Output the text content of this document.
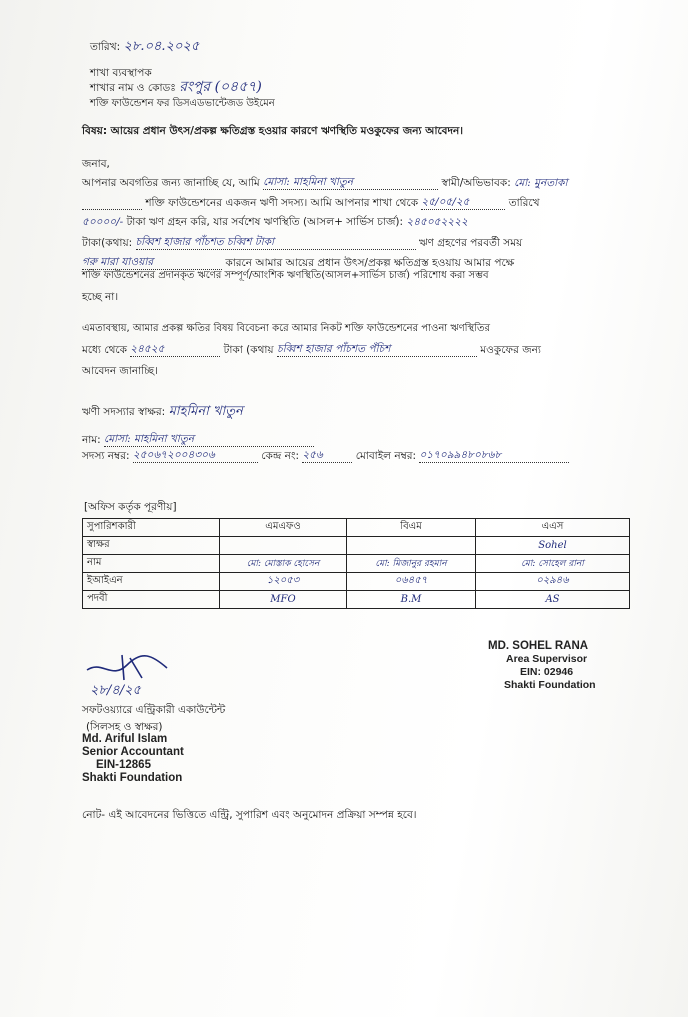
তারিখ: ২৮.০৪.২০২৫
শাখা ব্যবস্থাপক
শাখার নাম ও কোডঃ রংপুর (০৪৫৭)
শক্তি ফাউন্ডেশন ফর ডিসএডভান্টেজড উইমেন
বিষয়: আয়ের প্রধান উৎস/প্রকল্প ক্ষতিগ্রস্ত হওয়ার কারণে ঋণস্থিতি মওকুফের জন্য আবেদন।
জনাব,
আপনার অবগতির জন্য জানাচ্ছি যে, আমি মোসা: মাহমিনা খাতুন	স্বামী/অভিভাবক: মো: মুনতাকা
শক্তি ফাউন্ডেশনের একজন ঋণী সদস্য। আমি আপনার শাখা থেকে ২৫/০৫/২৫	তারিখে
৫০০০০/- টাকা ঋণ গ্রহন করি, যার সর্বশেষ ঋণস্থিতি (আসল+ সার্ভিস চার্জ): ২৪৫০৫২২২২
টাকা(কথায়: চব্বিশ হাজার পাঁচশত চব্বিশ টাকা	ঋণ গ্রহণের পরবর্তী সময়
গরু মারা যাওয়ার	কারনে আমার আয়ের প্রধান উৎস/প্রকল্প ক্ষতিগ্রস্ত হওয়ায় আমার পক্ষে
শক্তি ফাউন্ডেশনের প্রদানকৃত ঋণের সম্পূর্ণ/আংশিক ঋণস্থিতি(আসল+সার্ভিস চার্জ) পরিশোধ করা সম্ভব
হচ্ছে না।
এমতাবস্থায়, আমার প্রকল্প ক্ষতির বিষয় বিবেচনা করে আমার নিকট শক্তি ফাউন্ডেশনের পাওনা ঋণস্থিতির
মধ্যে থেকে ২৪৫২৫	টাকা (কথায় চব্বিশ হাজার পাঁচশত পঁচিশ	মওকুফের জন্য
আবেদন জানাচ্ছি।
ঋণী সদস্যার স্বাক্ষর: মাহমিনা খাতুন
নাম: মোসা: মাহমিনা খাতুন
সদস্য নম্বর: ২৫০৬৭২০০৪৩০৬	কেন্দ্র নং: ২৫৬	মোবাইল নম্বর: ০১৭০৯৯৪৮০৮৬৮
[অফিস কর্তৃক পূরণীয়]
সুপারিশকারী	এমএফও	বিএম	এএস
স্বাক্ষর			Sohel
নাম	মো: মোস্তাক হোসেন	মো: মিজানুর রহমান	মো: সোহেল রানা
ইআইএন	১২০৫৩	০৬৪৫৭	০২৯৪৬
পদবী	MFO	B.M	AS
MD. SOHEL RANA
Area Supervisor
EIN: 02946
Shakti Foundation
২৮/৪/২৫
সফটওয়্যারে এন্ট্রিকারী একাউন্টেন্ট
(সিলসহ ও স্বাক্ষর)
Md. Ariful Islam
Senior Accountant
EIN-12865
Shakti Foundation
নোট- এই আবেদনের ভিত্তিতে এন্ট্রি, সুপারিশ এবং অনুমোদন প্রক্রিয়া সম্পন্ন হবে।
